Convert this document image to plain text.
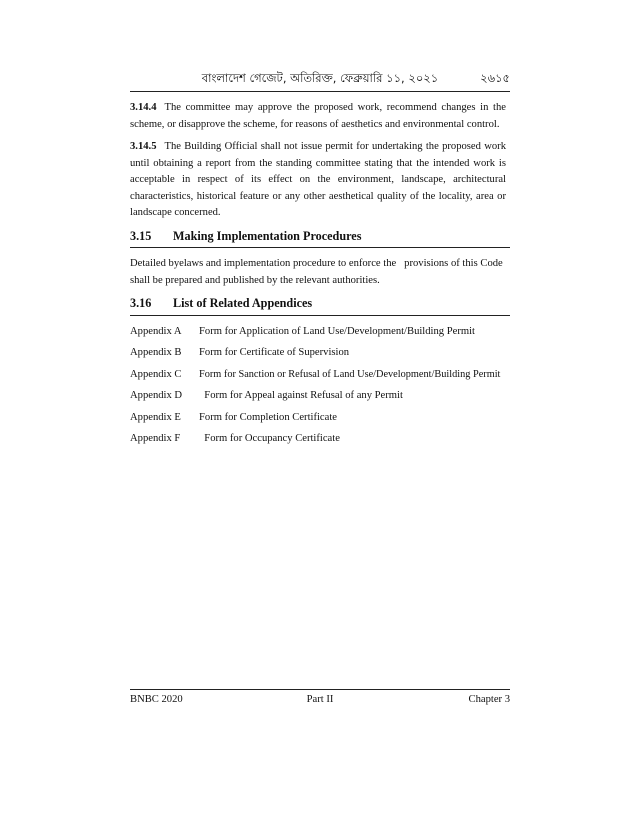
বাংলাদেশ গেজেট, অতিরিক্ত, ফেব্রুয়ারি ১১, ২০২১	২৬১৫

3.14.4 The committee may approve the proposed work, recommend changes in the scheme, or disapprove the scheme, for reasons of aesthetics and environmental control.

3.14.5 The Building Official shall not issue permit for undertaking the proposed work until obtaining a report from the standing committee stating that the intended work is acceptable in respect of its effect on the environment, landscape, architectural characteristics, historical feature or any other aesthetical quality of the locality, area or landscape concerned.

3.15 Making Implementation Procedures

Detailed byelaws and implementation procedure to enforce the   provisions of this Code shall be prepared and published by the relevant authorities.

3.16 List of Related Appendices
Appendix A Form for Application of Land Use/Development/Building Permit
Appendix B Form for Certificate of Supervision
Appendix C Form for Sanction or Refusal of Land Use/Development/Building Permit
Appendix D  Form for Appeal against Refusal of any Permit
Appendix E Form for Completion Certificate
Appendix F  Form for Occupancy Certificate
BNBC 2020	Part II	Chapter 3
